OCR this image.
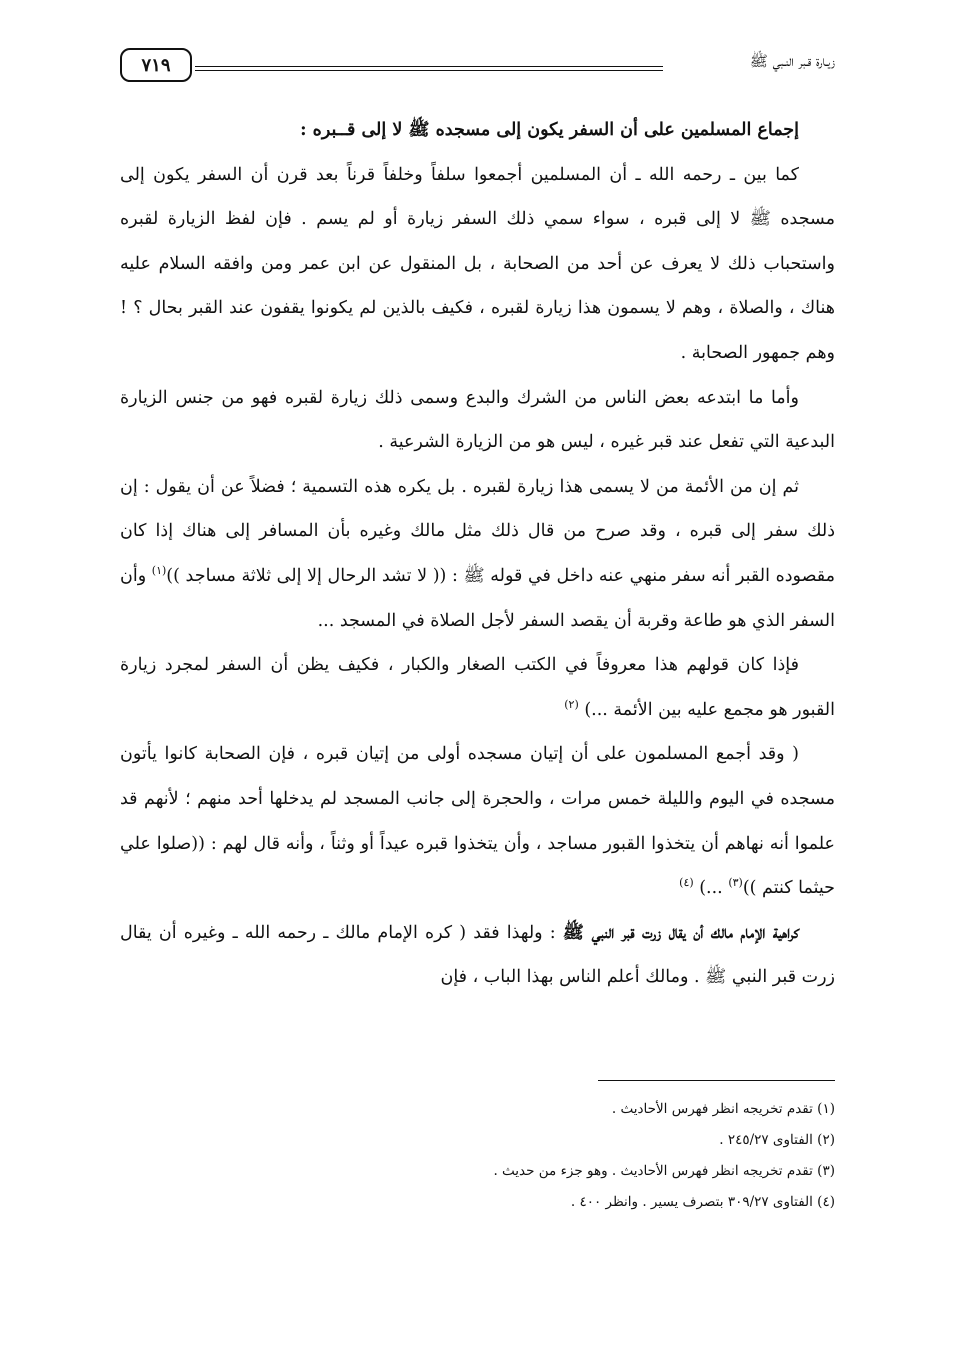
٧١٩	زيـارة قـبر النـبي ﷺ

إجماع المسلمين على أن السفر يكون إلى مسجده ﷺ لا إلى قــبره :

كما بين ـ رحمه الله ـ أن المسلمين أجمعوا سلفاً وخلفاً قرناً بعد قرن أن السفر يكون إلى مسجده ﷺ لا إلى قبره ، سواء سمي ذلك السفر زيارة أو لم يسم . فإن لفظ الزيارة لقبره واستحباب ذلك لا يعرف عن أحد من الصحابة ، بل المنقول عن ابن عمر ومن وافقه السلام عليه هناك ، والصلاة ، وهم لا يسمون هذا زيارة لقبره ، فكيف بالذين لم يكونوا يقفون عند القبر بحال ؟ ! وهم جمهور الصحابة .

وأما ما ابتدعه بعض الناس من الشرك والبدع وسمى ذلك زيارة لقبره فهو من جنس الزيارة البدعية التي تفعل عند قبر غيره ، ليس هو من الزيارة الشرعية .

ثم إن من الأئمة من لا يسمى هذا زيارة لقبره . بل يكره هذه التسمية ؛ فضلاً عن أن يقول : إن ذلك سفر إلى قبره ، وقد صرح من قال ذلك مثل مالك وغيره بأن المسافر إلى هناك إذا كان مقصوده القبر أنه سفر منهي عنه داخل في قوله ﷺ : (( لا تشد الرحال إلا إلى ثلاثة مساجد ))$^{(١)}$ وأن السفر الذي هو طاعة وقربة أن يقصد السفر لأجل الصلاة في المسجد ...

فإذا كان قولهم هذا معروفاً في الكتب الصغار والكبار ، فكيف يظن أن السفر لمجرد زيارة القبور هو مجمع عليه بين الأئمة ...) $^{(٢)}$

( وقد أجمع المسلمون على أن إتيان مسجده أولى من إتيان قبره ، فإن الصحابة كانوا يأتون مسجده في اليوم والليلة خمس مرات ، والحجرة إلى جانب المسجد لم يدخلها أحد منهم ؛ لأنهم قد علموا أنه نهاهم أن يتخذوا القبور مساجد ، وأن يتخذوا قبره عيداً أو وثناً ، وأنه قال لهم : ((صلوا علي حيثما كنتم ))$^{(٣)}$ ...) $^{(٤)}$

كراهية الإمام مالك أن يقال زرت قبر النبي ﷺ : ولهذا فقد ( كره الإمام مالك ـ رحمه الله ـ وغيره أن يقال زرت قبر النبي ﷺ . ومالك أعلم الناس بهذا الباب ، فإن

(١) تقدم تخريجه انظر فهرس الأحاديث .
(٢) الفتاوى ٢٤٥/٢٧ .
(٣) تقدم تخريجه انظر فهرس الأحاديث . وهو جزء من حديث .
(٤) الفتاوى ٣٠٩/٢٧ بتصرف يسير . وانظر ٤٠٠ .
